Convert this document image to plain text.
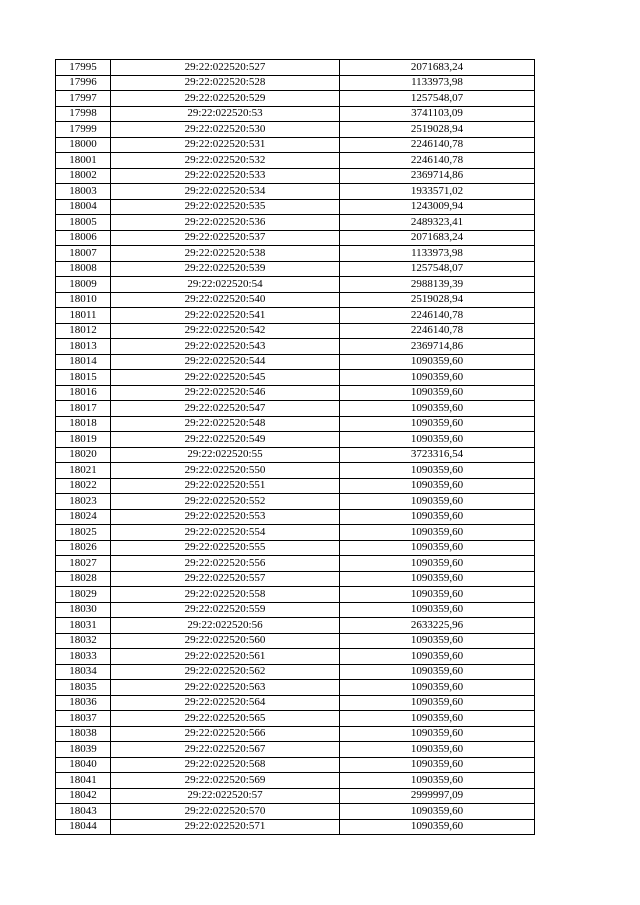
17995	29:22:022520:527	2071683,24
17996	29:22:022520:528	1133973,98
17997	29:22:022520:529	1257548,07
17998	29:22:022520:53	3741103,09
17999	29:22:022520:530	2519028,94
18000	29:22:022520:531	2246140,78
18001	29:22:022520:532	2246140,78
18002	29:22:022520:533	2369714,86
18003	29:22:022520:534	1933571,02
18004	29:22:022520:535	1243009,94
18005	29:22:022520:536	2489323,41
18006	29:22:022520:537	2071683,24
18007	29:22:022520:538	1133973,98
18008	29:22:022520:539	1257548,07
18009	29:22:022520:54	2988139,39
18010	29:22:022520:540	2519028,94
18011	29:22:022520:541	2246140,78
18012	29:22:022520:542	2246140,78
18013	29:22:022520:543	2369714,86
18014	29:22:022520:544	1090359,60
18015	29:22:022520:545	1090359,60
18016	29:22:022520:546	1090359,60
18017	29:22:022520:547	1090359,60
18018	29:22:022520:548	1090359,60
18019	29:22:022520:549	1090359,60
18020	29:22:022520:55	3723316,54
18021	29:22:022520:550	1090359,60
18022	29:22:022520:551	1090359,60
18023	29:22:022520:552	1090359,60
18024	29:22:022520:553	1090359,60
18025	29:22:022520:554	1090359,60
18026	29:22:022520:555	1090359,60
18027	29:22:022520:556	1090359,60
18028	29:22:022520:557	1090359,60
18029	29:22:022520:558	1090359,60
18030	29:22:022520:559	1090359,60
18031	29:22:022520:56	2633225,96
18032	29:22:022520:560	1090359,60
18033	29:22:022520:561	1090359,60
18034	29:22:022520:562	1090359,60
18035	29:22:022520:563	1090359,60
18036	29:22:022520:564	1090359,60
18037	29:22:022520:565	1090359,60
18038	29:22:022520:566	1090359,60
18039	29:22:022520:567	1090359,60
18040	29:22:022520:568	1090359,60
18041	29:22:022520:569	1090359,60
18042	29:22:022520:57	2999997,09
18043	29:22:022520:570	1090359,60
18044	29:22:022520:571	1090359,60
